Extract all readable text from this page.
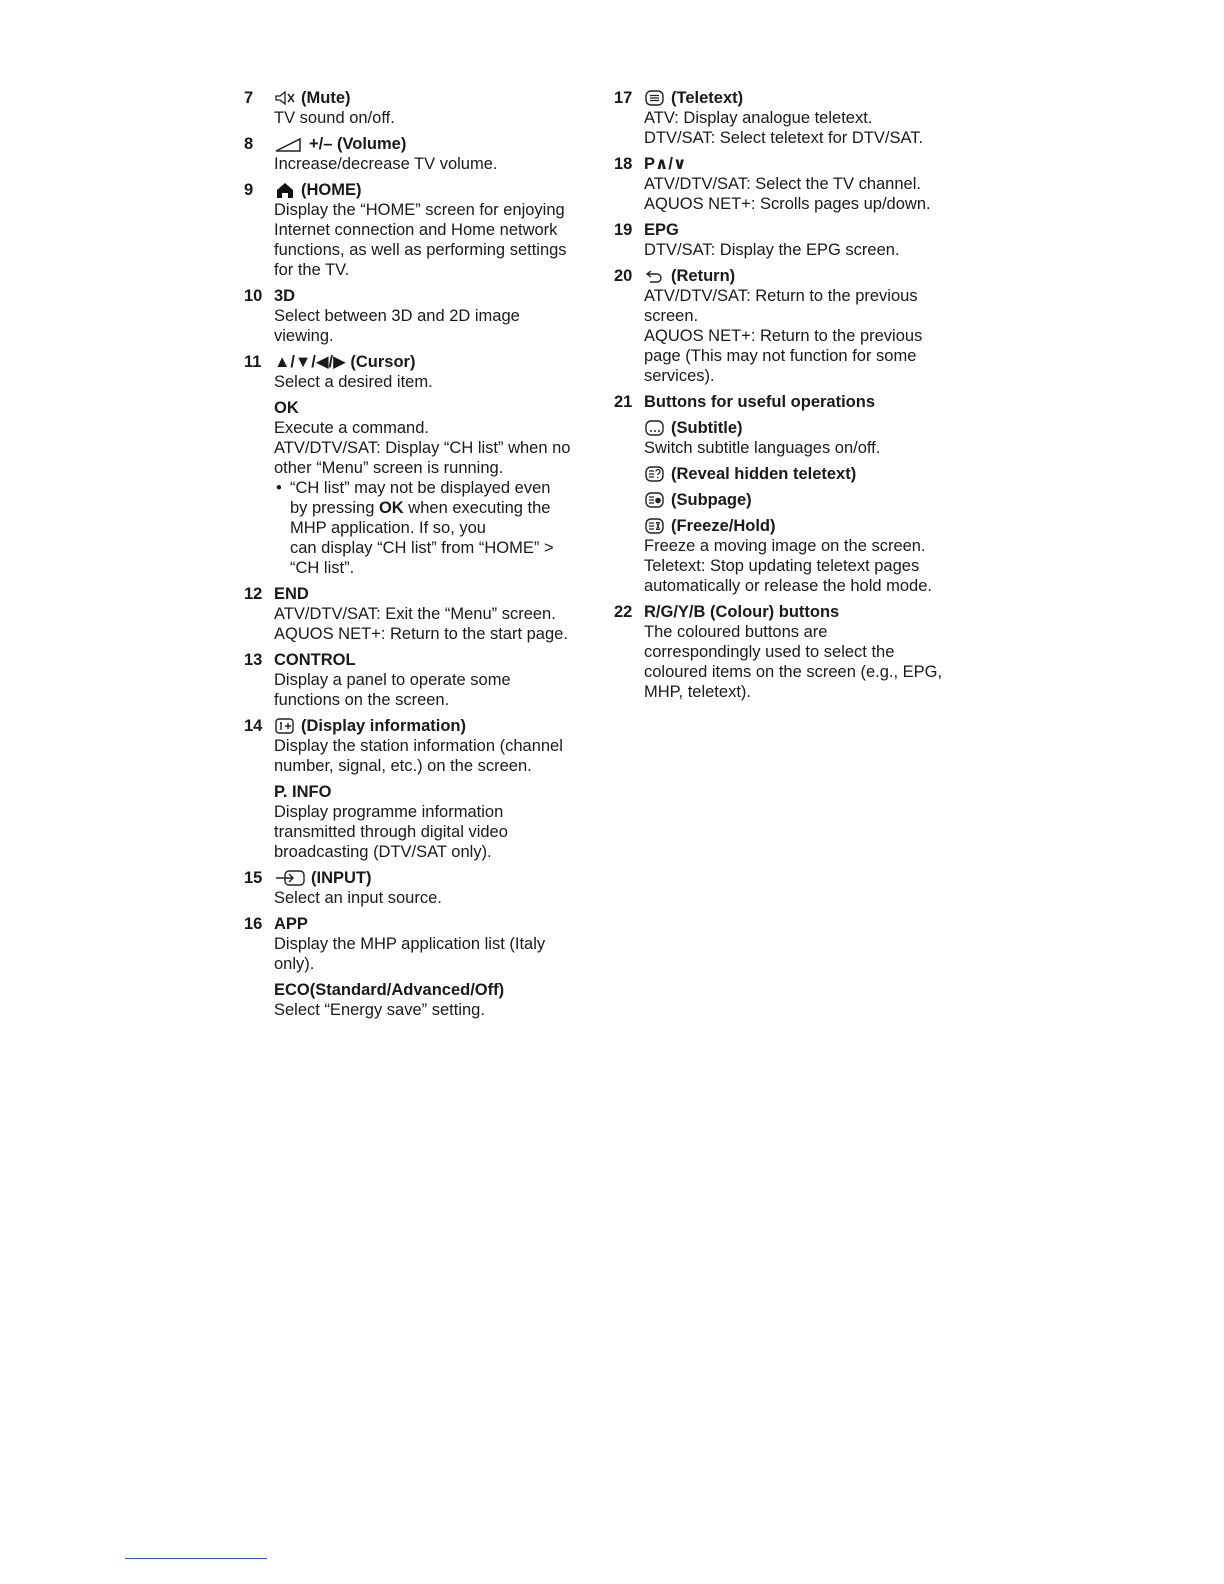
7	(Mute)
TV sound on/off.
8	+/– (Volume)
Increase/decrease TV volume.
9	(HOME)
Display the “HOME” screen for enjoying
Internet connection and Home network
functions, as well as performing settings
for the TV.
10 3D
Select between 3D and 2D image
viewing.
11 ▲/▼/◀/▶ (Cursor)
Select a desired item.
OK
Execute a command.
ATV/DTV/SAT: Display “CH list” when no
other “Menu” screen is running.
• “CH list” may not be displayed even
by pressing OK when executing the
MHP application. If so, you
can display “CH list” from “HOME” >
“CH list”.
12 END
ATV/DTV/SAT: Exit the “Menu” screen.
AQUOS NET+: Return to the start page.
13 CONTROL
Display a panel to operate some
functions on the screen.
14	(Display information)
Display the station information (channel
number, signal, etc.) on the screen.
P. INFO
Display programme information
transmitted through digital video
broadcasting (DTV/SAT only).
15	(INPUT)
Select an input source.
16 APP
Display the MHP application list (Italy
only).
ECO(Standard/Advanced/Off)
Select “Energy save” setting.
17	(Teletext)
ATV: Display analogue teletext.
DTV/SAT: Select teletext for DTV/SAT.
18 P∧/∨
ATV/DTV/SAT: Select the TV channel.
AQUOS NET+: Scrolls pages up/down.
19 EPG
DTV/SAT: Display the EPG screen.
20	(Return)
ATV/DTV/SAT: Return to the previous
screen.
AQUOS NET+: Return to the previous
page (This may not function for some
services).
21 Buttons for useful operations
(Subtitle)
Switch subtitle languages on/off.
(Reveal hidden teletext)
(Subpage)
(Freeze/Hold)
Freeze a moving image on the screen.
Teletext: Stop updating teletext pages
automatically or release the hold mode.
22 R/G/Y/B (Colour) buttons
The coloured buttons are
correspondingly used to select the
coloured items on the screen (e.g., EPG,
MHP, teletext).
